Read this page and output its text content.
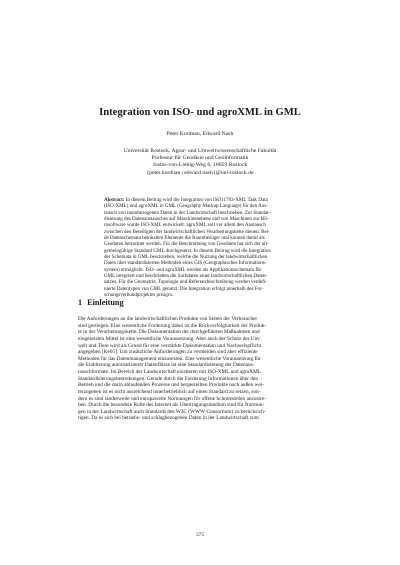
Integration von ISO- und agroXML in GML
Peter Korduan, Edward Nash
Universität Rostock, Agrar- und Umweltwissenschaftliche Fakultät
Professur für Geodäsie und Geoinformatik
Justus-von-Liebig-Weg 6, 18059 Rostock
{peter.korduan | edward.nash}@uni-rostock.de
Abstract: In diesem Beitrag wird die Integration von ISO11783-XML Task Data
(ISO-XML) und agroXML in GML (Geography Markup Language) für den Aus-
tausch von raumbezogenen Daten in der Landwirtschaft beschrieben. Zur Standar-
disierung des Datenaustausches auf Maschinenebene und von Maschinen zur Bü-
rosoftware wurde ISO-XML entwickelt. agroXML soll vor allem den Austausch
zwischen den Beteiligten der landwirtschaftlichen Verarbeitungskette dienen. Bei-
de Datenschemata beinhalten Elemente die Raumbezüger und können damit als
Geodaten betrachtet werden. Für die Beschreibung von Geodaten hat sich der all-
gemeingültige Standard GML durchgesetzt. In diesem Beitrag wird die Integration
der Schemata in GML beschrieben, welche die Nutzung der landwirtschaftlichen
Daten über standardisierten Methoden eines GIS (Geographisches Informations-
system) ermöglicht. ISO- und agroXML werden als Applikationsschemata für
GML integriert und beschrieben die Sachdaten einer landwirtschaftlichen Daten-
satzes. Für die Geometrie, Topologie und Referenzbeschreibung werden verdefi-
nierte Datentypen von GML genutzt. Die Integration erfolgt innerhalb des For-
schungsverbundprojektes preagro.
1 Einleitung
Die Anforderungen an die landwirtschaftlichen Produkte von Seiten der Verbraucher
sind gestiegen. Eine wesentliche Forderung dabei ist die Rückverfolgbarkeit der Produk-
te in der Verarbeitungskette. Die Dokumentation der durchgeführten Maßnahmen und
eingesetzten Mittel ist eine wesentliche Voraussetzung. Aber auch der Schutz der Um-
welt und Tiere wird als Grund für eine verstärkte Dokumentation und Nachweispflicht
angegeben [Ke05]. Um zusätzliche Anforderungen zu vermeiden sind aber effiziente
Methoden für das Datenmanagement einzusetzen. Eine wesentliche Voraussetzung für
die Etablierung automatisierter Datenflüsse ist eine Standardisierung der Datenaus-
tauschformate. Im Bereich der Landwirtschaft existieren mit ISO-XML und agroXML
Standardisierungsbestrebungen. Gerade durch die Forderung Informationen über den
Betrieb und die darin ablaufenden Prozesse und hergestellten Produkte nach außen wei-
terzugeben ist es nicht ausreichend innerbetrieblich auf einen Standard zu setzen, son-
dern es sind landesweite und europaweite Normungen für offene Schnittstellen anzustre-
ben. Durch die besondere Rolle des Internet als Übertragungsmedium sind für Normun-
gen in der Landwirtschaft auch Standards des W3C (WWW-Consortium) zu berücksich-
tigen. Da es sich bei betriebs- und schlagbezogenen Daten in der Landwirtschaft zum
375
